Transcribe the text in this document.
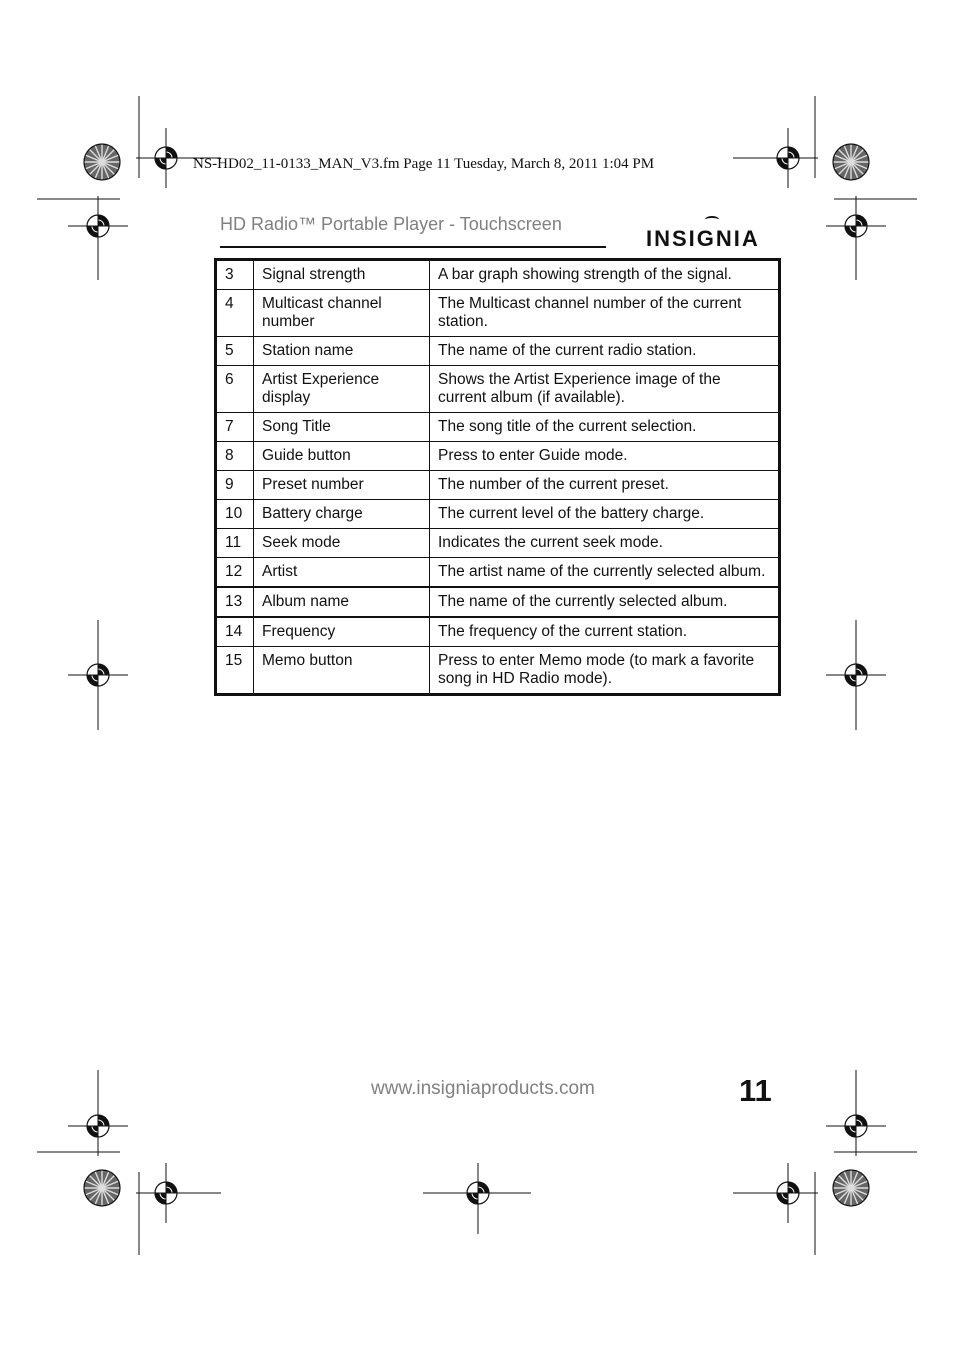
NS-HD02_11-0133_MAN_V3.fm Page 11 Tuesday, March 8, 2011 1:04 PM
HD Radio™ Portable Player - Touchscreen
INSIGNIA
3	Signal strength	A bar graph showing strength of the signal.
4	Multicast channel number	The Multicast channel number of the current station.
5	Station name	The name of the current radio station.
6	Artist Experience display	Shows the Artist Experience image of the current album (if available).
7	Song Title	The song title of the current selection.
8	Guide button	Press to enter Guide mode.
9	Preset number	The number of the current preset.
10	Battery charge	The current level of the battery charge.
11	Seek mode	Indicates the current seek mode.
12	Artist	The artist name of the currently selected album.
13	Album name	The name of the currently selected album.
14	Frequency	The frequency of the current station.
15	Memo button	Press to enter Memo mode (to mark a favorite song in HD Radio mode).
www.insigniaproducts.com	11
